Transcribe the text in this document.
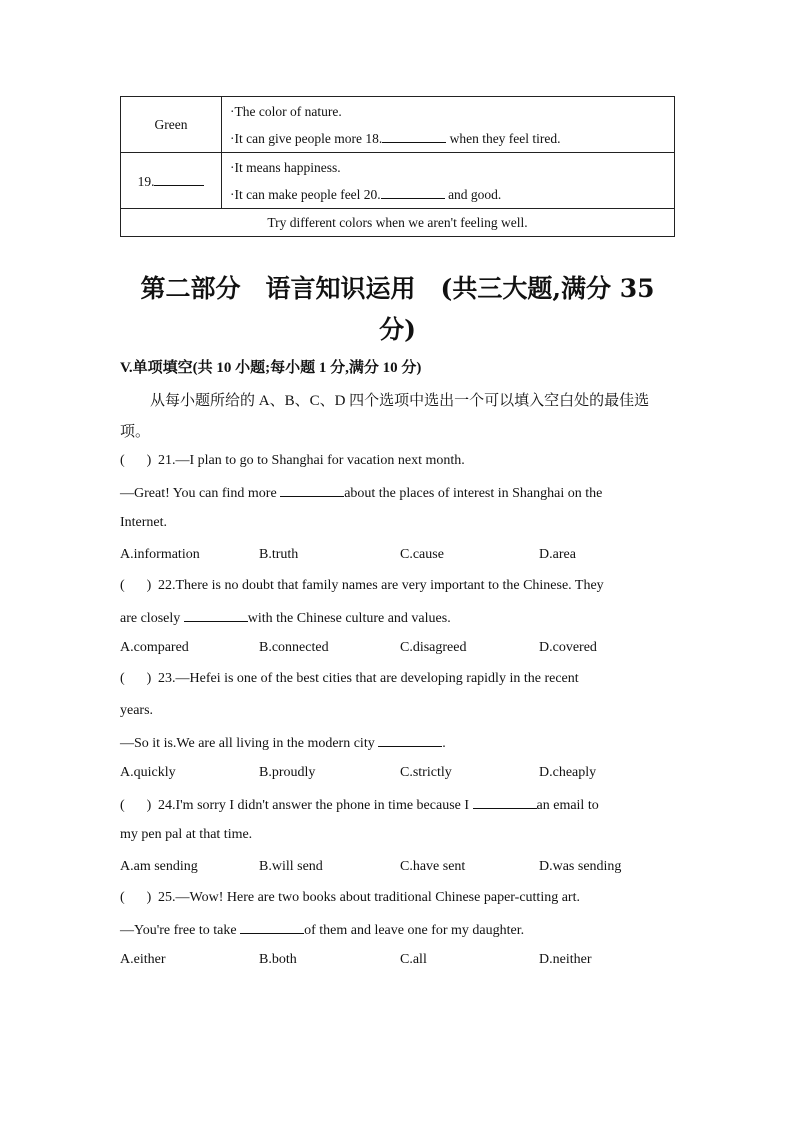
Green	·The color of nature.
·It can give people more 18. when they feel tired.

19.	·It means happiness.
·It can make people feel 20. and good.

Try different colors when we aren't feeling well.	
第二部分　语言知识运用　(共三大题,满分 35
分)
V.单项填空(共 10 小题;每小题 1 分,满分 10 分)
从每小题所给的 A、B、C、D 四个选项中选出一个可以填入空白处的最佳选项。
( ) 21.—I plan to go to Shanghai for vacation next month.
—Great! You can find more	about the places of interest in Shanghai on the
Internet.
A.information	B.truth	C.cause	D.area
( ) 22.There is no doubt that family names are very important to the Chinese. They
are closely	with the Chinese culture and values.
A.compared	B.connected	C.disagreed	D.covered
( ) 23.—Hefei is one of the best cities that are developing rapidly in the recent
years.
—So it is.We are all living in the modern city	.
A.quickly	B.proudly	C.strictly	D.cheaply
( ) 24.I'm sorry I didn't answer the phone in time because I	an email to
my pen pal at that time.
A.am sending	B.will send	C.have sent	D.was sending
( ) 25.—Wow! Here are two books about traditional Chinese paper-cutting art.
—You're free to take	of them and leave one for my daughter.
A.either	B.both	C.all	D.neither
